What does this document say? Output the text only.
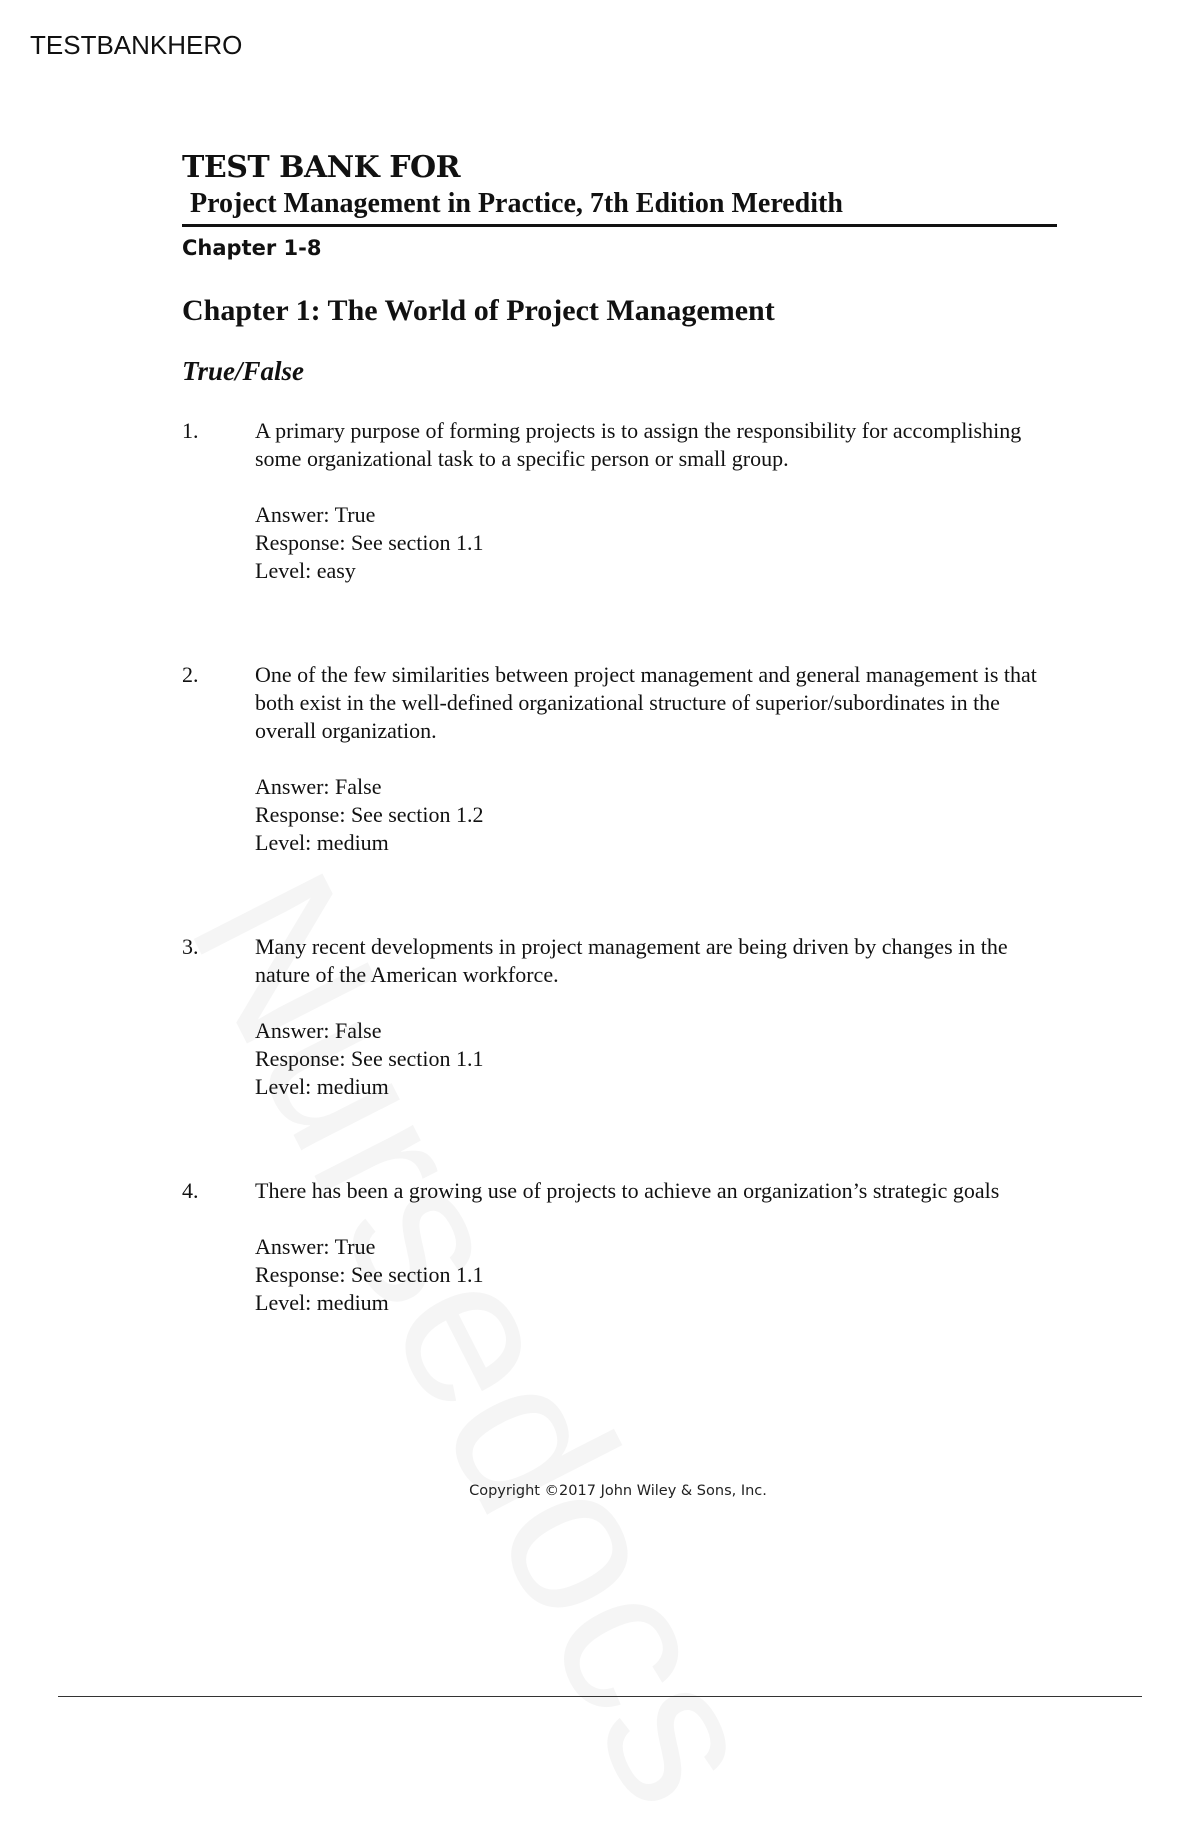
TESTBANKHERO
TEST BANK FOR
Project Management in Practice, 7th Edition Meredith
Chapter 1-8
Chapter 1: The World of Project Management
True/False
1.	A primary purpose of forming projects is to assign the responsibility for accomplishing some organizational task to a specific person or small group.

Answer: True
Response: See section 1.1
Level: easy
2.	One of the few similarities between project management and general management is that both exist in the well-defined organizational structure of superior/subordinates in the overall organization.

Answer: False
Response: See section 1.2
Level: medium
3.	Many recent developments in project management are being driven by changes in the nature of the American workforce.

Answer: False
Response: See section 1.1
Level: medium
4.	There has been a growing use of projects to achieve an organization’s strategic goals

Answer: True
Response: See section 1.1
Level: medium
Copyright ©2017 John Wiley & Sons, Inc.
